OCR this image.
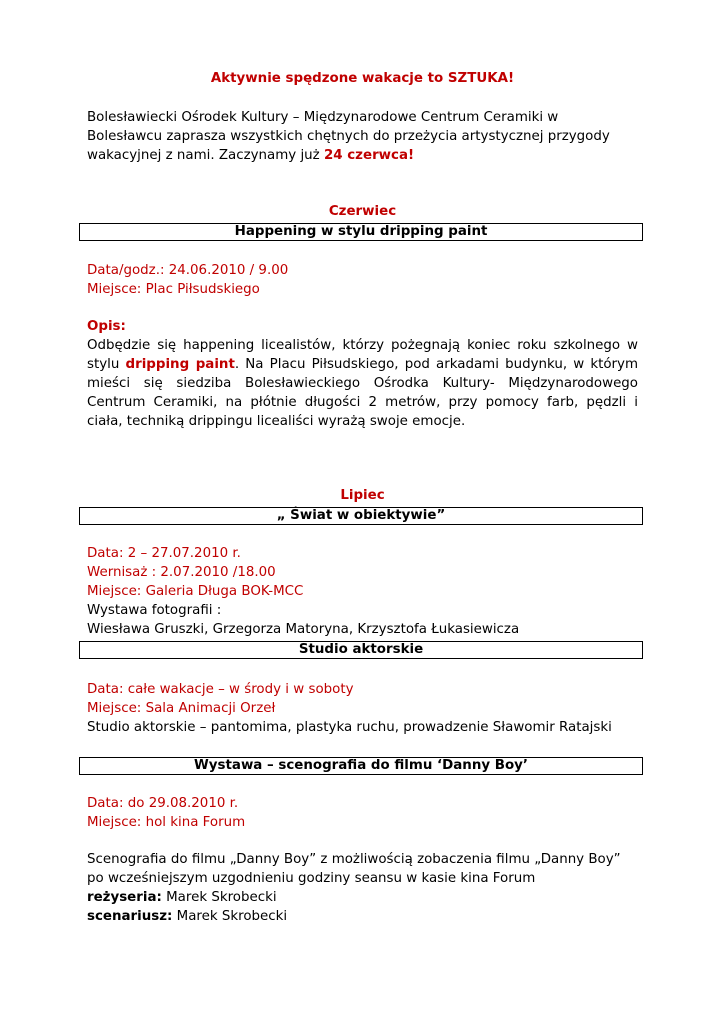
Aktywnie spędzone wakacje to SZTUKA!
Bolesławiecki Ośrodek Kultury – Międzynarodowe Centrum Ceramiki w
Bolesławcu zaprasza wszystkich chętnych do przeżycia artystycznej przygody
wakacyjnej z nami. Zaczynamy już 24 czerwca!
Czerwiec
Happening w stylu dripping paint
Data/godz.: 24.06.2010 / 9.00
Miejsce: Plac Piłsudskiego
Opis:
Odbędzie się happening licealistów, którzy pożegnają koniec roku szkolnego w
stylu dripping paint. Na Placu Piłsudskiego, pod arkadami budynku, w którym
mieści się siedziba Bolesławieckiego Ośrodka Kultury- Międzynarodowego
Centrum Ceramiki, na płótnie długości 2 metrów, przy pomocy farb, pędzli i
ciała, techniką drippingu licealiści wyrażą swoje emocje.
Lipiec
„ Świat w obiektywie”
Data: 2 – 27.07.2010 r.
Wernisaż : 2.07.2010 /18.00
Miejsce: Galeria Długa BOK-MCC
Wystawa fotografii :
Wiesława Gruszki, Grzegorza Matoryna, Krzysztofa Łukasiewicza
Studio aktorskie
Data: całe wakacje – w środy i w soboty
Miejsce: Sala Animacji Orzeł
Studio aktorskie – pantomima, plastyka ruchu, prowadzenie Sławomir Ratajski
Wystawa – scenografia do filmu ‘Danny Boy’
Data: do 29.08.2010 r.
Miejsce: hol kina Forum
Scenografia do filmu „Danny Boy” z możliwością zobaczenia filmu „Danny Boy”
po wcześniejszym uzgodnieniu godziny seansu w kasie kina Forum
reżyseria: Marek Skrobecki
scenariusz: Marek Skrobecki
